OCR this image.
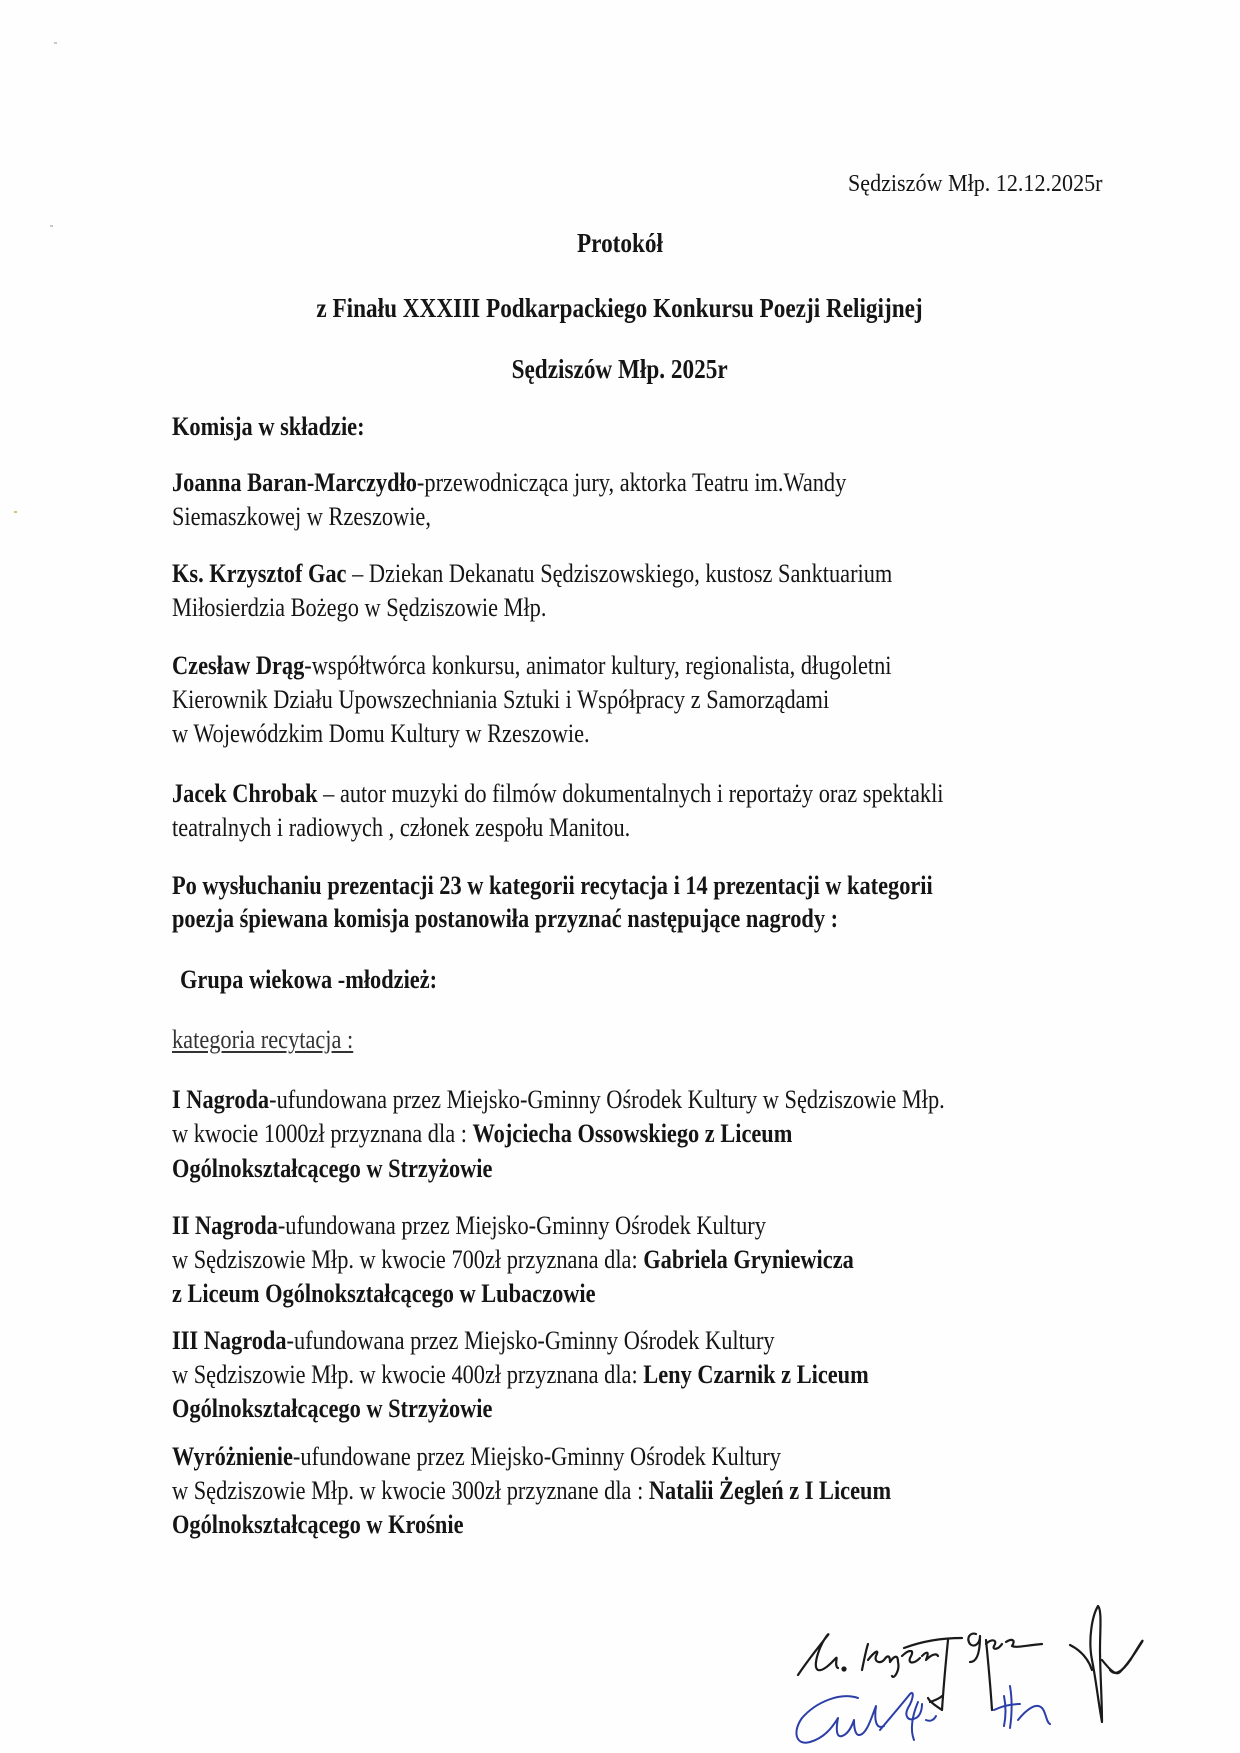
Sędziszów Młp. 12.12.2025r
Protokół
z Finału XXXIII Podkarpackiego Konkursu Poezji Religijnej
Sędziszów Młp. 2025r
Komisja w składzie:
Joanna Baran-Marczydło-przewodnicząca jury, aktorka Teatru im.Wandy
Siemaszkowej w Rzeszowie,
Ks. Krzysztof Gac – Dziekan Dekanatu Sędziszowskiego, kustosz Sanktuarium
Miłosierdzia Bożego w Sędziszowie Młp.
Czesław Drąg-współtwórca konkursu, animator kultury, regionalista, długoletni
Kierownik Działu Upowszechniania Sztuki i Współpracy z Samorządami
w Wojewódzkim Domu Kultury w Rzeszowie.
Jacek Chrobak – autor muzyki do filmów dokumentalnych i reportaży oraz spektakli
teatralnych i radiowych , członek zespołu Manitou.
Po wysłuchaniu prezentacji 23 w kategorii recytacja i 14 prezentacji w kategorii
poezja śpiewana komisja postanowiła przyznać następujące nagrody :
Grupa wiekowa -młodzież:
kategoria recytacja :
I Nagroda-ufundowana przez Miejsko-Gminny Ośrodek Kultury w Sędziszowie Młp.
w kwocie 1000zł przyznana dla : Wojciecha Ossowskiego z Liceum
Ogólnokształcącego w Strzyżowie
II Nagroda-ufundowana przez Miejsko-Gminny Ośrodek Kultury
w Sędziszowie Młp. w kwocie 700zł przyznana dla: Gabriela Gryniewicza
z Liceum Ogólnokształcącego w Lubaczowie
III Nagroda-ufundowana przez Miejsko-Gminny Ośrodek Kultury
w Sędziszowie Młp. w kwocie 400zł przyznana dla: Leny Czarnik z Liceum
Ogólnokształcącego w Strzyżowie
Wyróżnienie-ufundowane przez Miejsko-Gminny Ośrodek Kultury
w Sędziszowie Młp. w kwocie 300zł przyznane dla : Natalii Żegleń z I Liceum
Ogólnokształcącego w Krośnie
